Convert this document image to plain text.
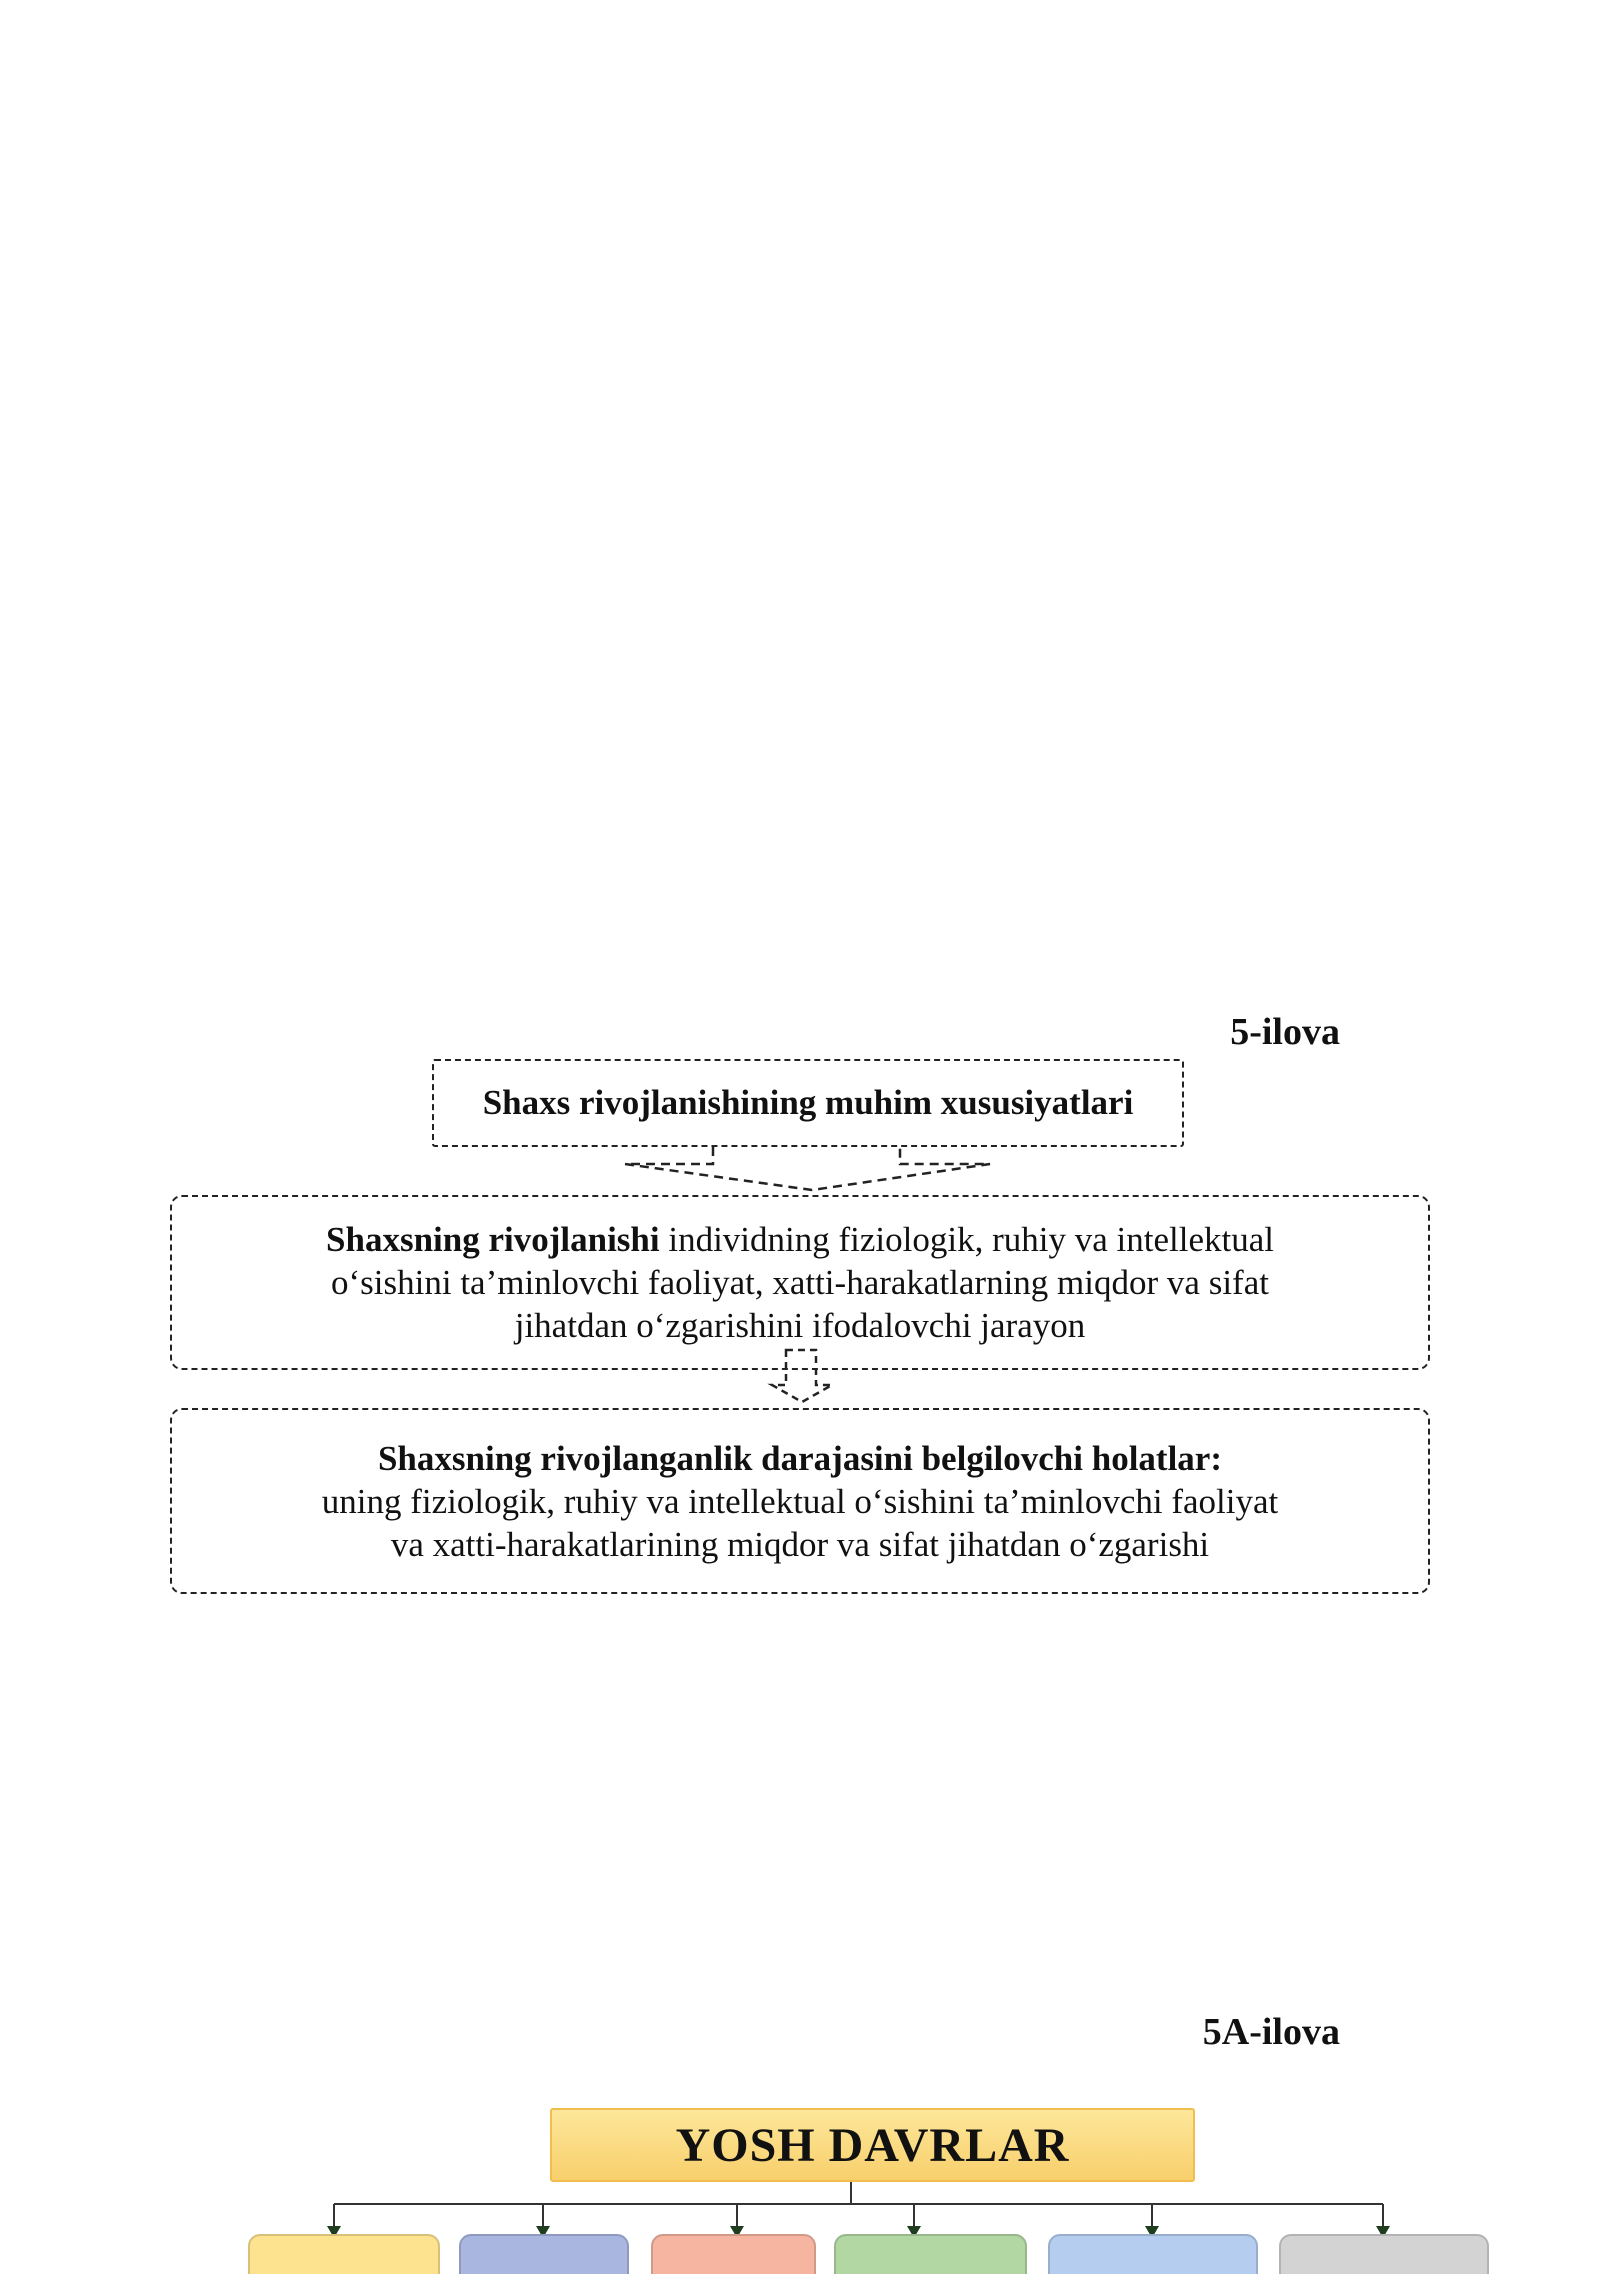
5-ilova
Shaxs rivojlanishining muhim xususiyatlari
Shaxsning rivojlanishi individning fiziologik, ruhiy va intellektual
o‘sishini ta’minlovchi faoliyat, xatti-harakatlarning miqdor va sifat
jihatdan o‘zgarishini ifodalovchi jarayon
Shaxsning rivojlanganlik darajasini belgilovchi holatlar:
uning fiziologik, ruhiy va intellektual o‘sishini ta’minlovchi faoliyat
va xatti-harakatlarining miqdor va sifat jihatdan o‘zgarishi
5A-ilova
YOSH DAVRLAR
